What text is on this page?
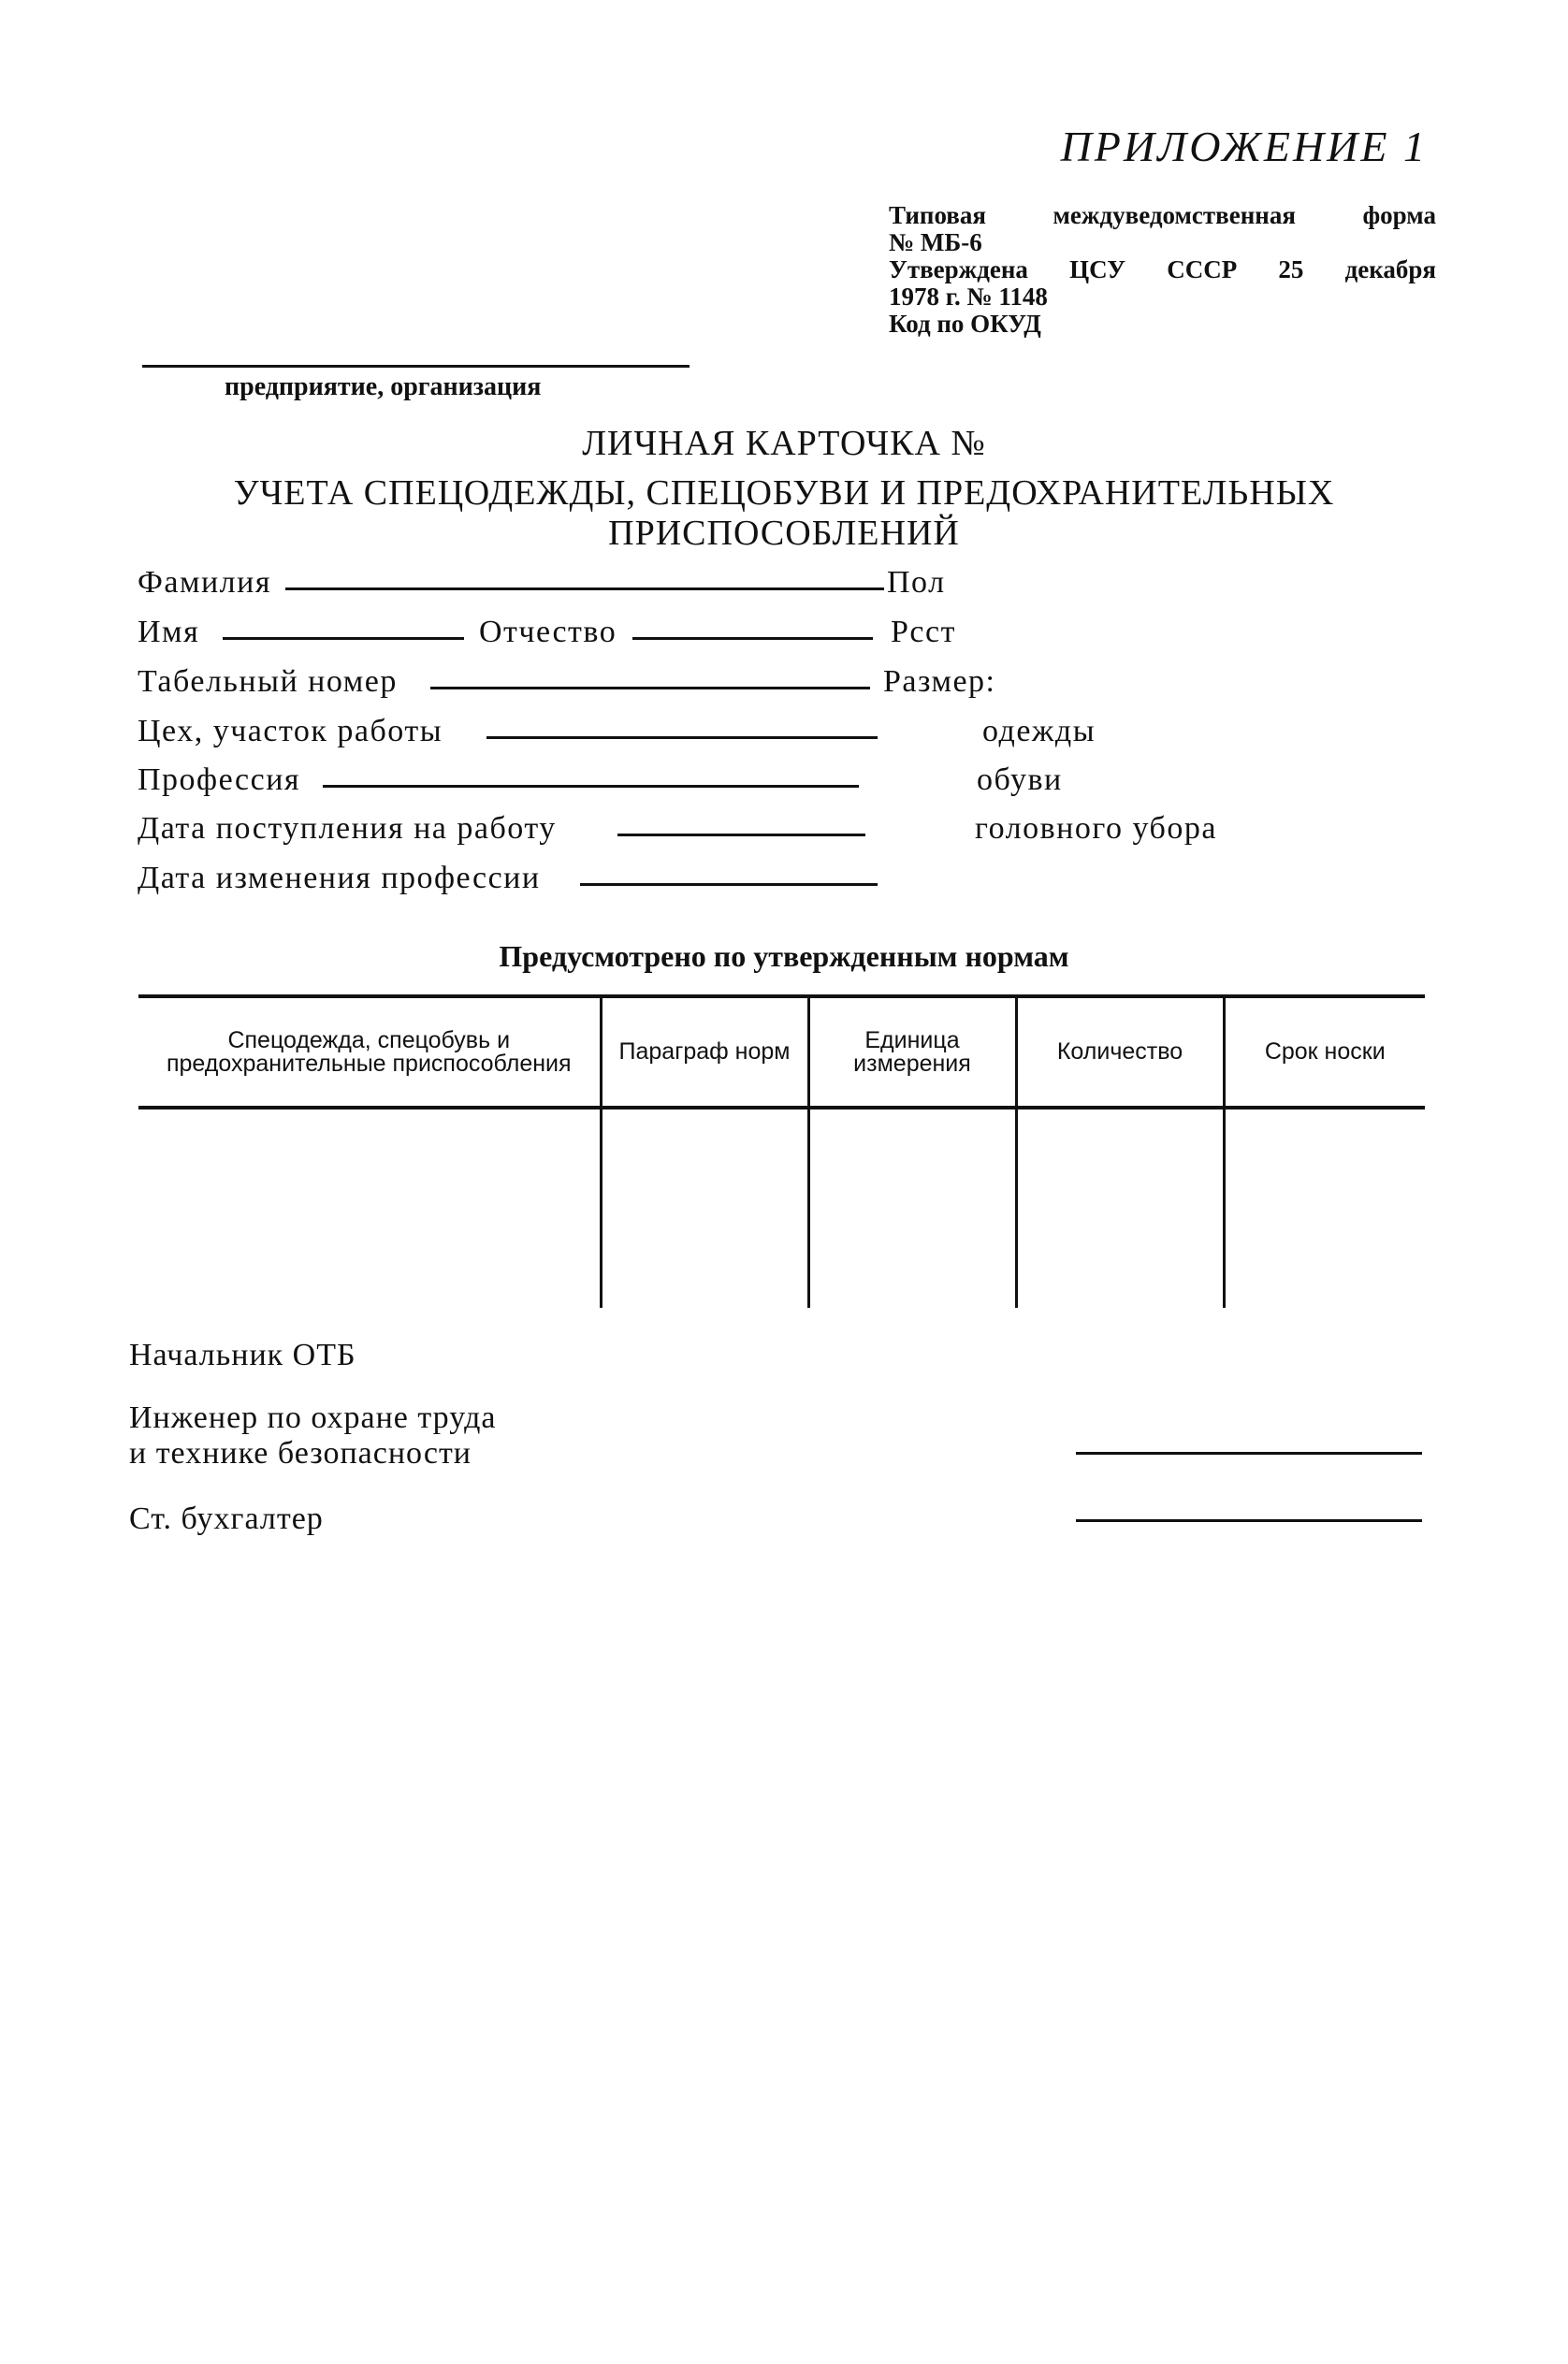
ПРИЛОЖЕНИЕ 1
Типовая междуведомственная форма
№ МБ-6
Утверждена ЦСУ СССР 25 декабря
1978 г. № 1148
Код по ОКУД
предприятие, организация
ЛИЧНАЯ КАРТОЧКА №
УЧЕТА СПЕЦОДЕЖДЫ, СПЕЦОБУВИ И ПРЕДОХРАНИТЕЛЬНЫХ
ПРИСПОСОБЛЕНИЙ
Фамилия	Пол
Имя	Отчество	Рсст
Табельный номер	Размер:
Цех, участок работы	одежды
Профессия	обуви
Дата поступления на работу	головного убора
Дата изменения профессии
Предусмотрено по утвержденным нормам
Спецодежда, спецобувь и предохранительные приспособления	Параграф норм	Единица измерения	Количество	Срок носки

Начальник ОТБ
Инженер по охране труда
и технике безопасности
Ст. бухгалтер
